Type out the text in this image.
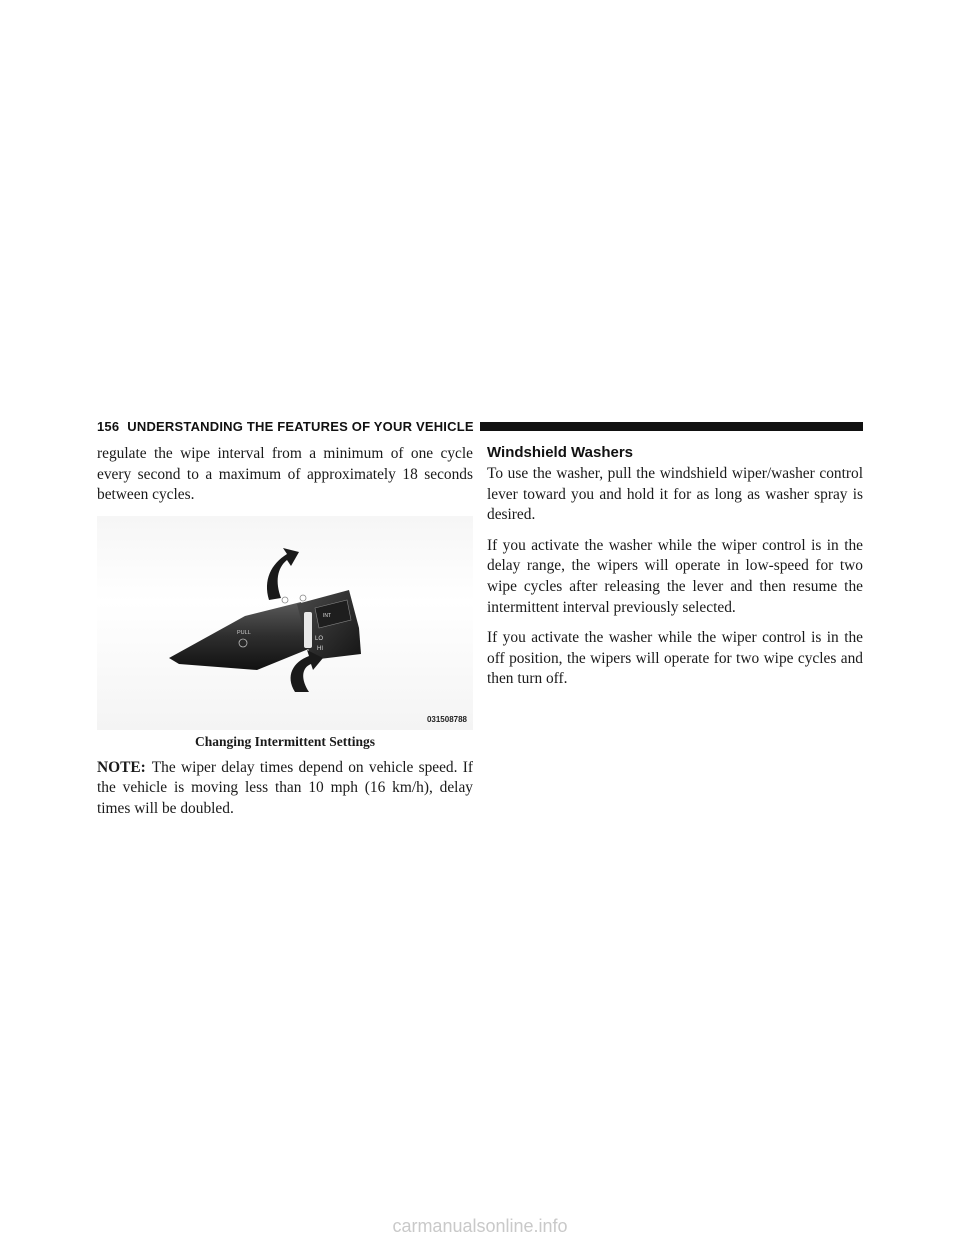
156 UNDERSTANDING THE FEATURES OF YOUR VEHICLE

regulate the wipe interval from a minimum of one cycle every second to a maximum of approximately 18 seconds between cycles.

INT
LO
HI
PULL
031508788
Changing Intermittent Settings

NOTE: The wiper delay times depend on vehicle speed. If the vehicle is moving less than 10 mph (16 km/h), delay times will be doubled.

Windshield Washers

To use the washer, pull the windshield wiper/washer control lever toward you and hold it for as long as washer spray is desired.

If you activate the washer while the wiper control is in the delay range, the wipers will operate in low-speed for two wipe cycles after releasing the lever and then resume the intermittent interval previously selected.

If you activate the washer while the wiper control is in the off position, the wipers will operate for two wipe cycles and then turn off.

carmanualsonline.info
